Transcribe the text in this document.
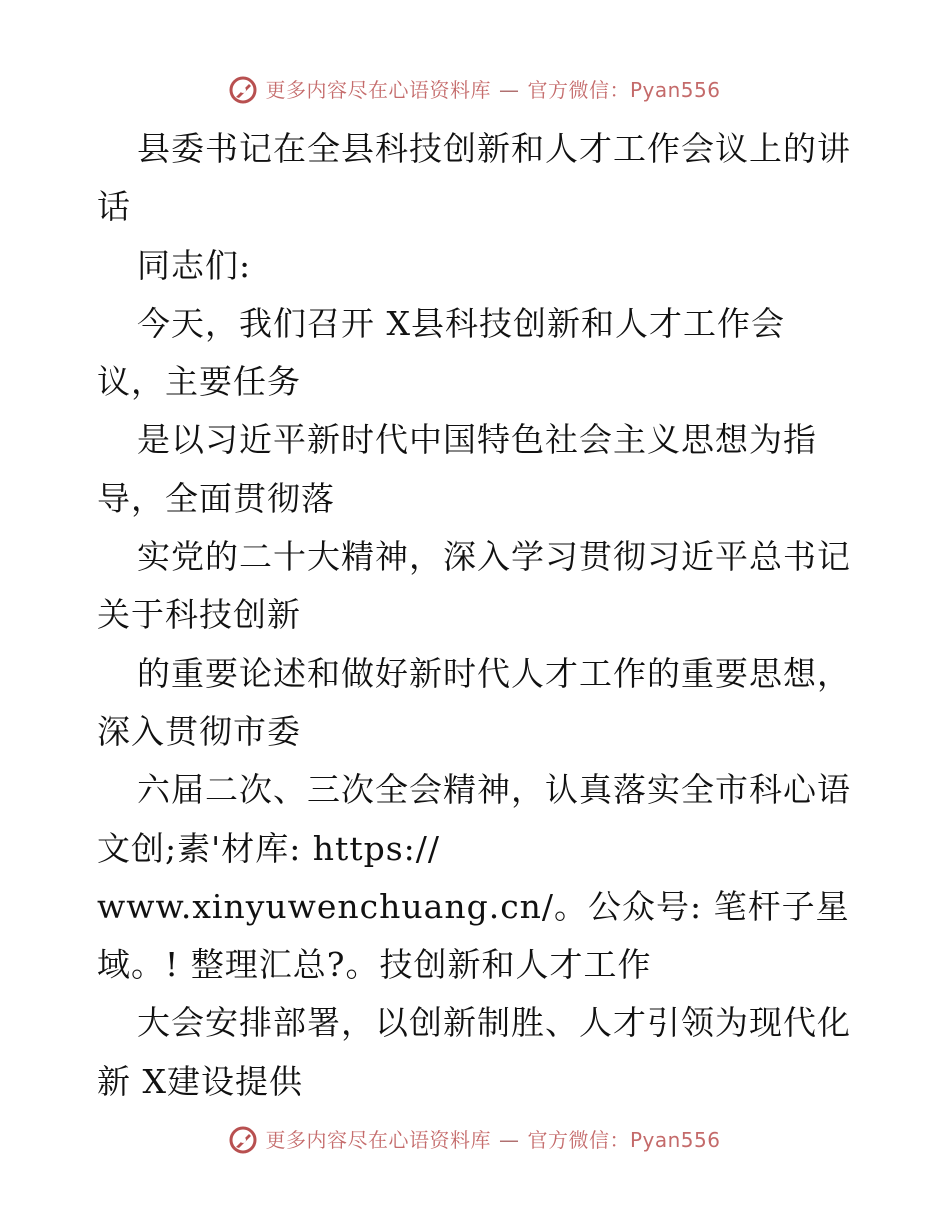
更多内容尽在心语资料库 — 官方微信：Pyan556
县委书记在全县科技创新和人才工作会议上的讲
话
同志们:
今天，我们召开 X县科技创新和人才工作会
议，主要任务
是以习近平新时代中国特色社会主义思想为指
导，全面贯彻落
实党的二十大精神，深入学习贯彻习近平总书记
关于科技创新
的重要论述和做好新时代人才工作的重要思想，
深入贯彻市委
六届二次、三次全会精神，认真落实全市科心语
文创;素'材库: https://
www.xinyuwenchuang.cn/。公众号: 笔杆子星
域。! 整理汇总?。技创新和人才工作
大会安排部署，以创新制胜、人才引领为现代化
新 X建设提供
更多内容尽在心语资料库 — 官方微信：Pyan556
